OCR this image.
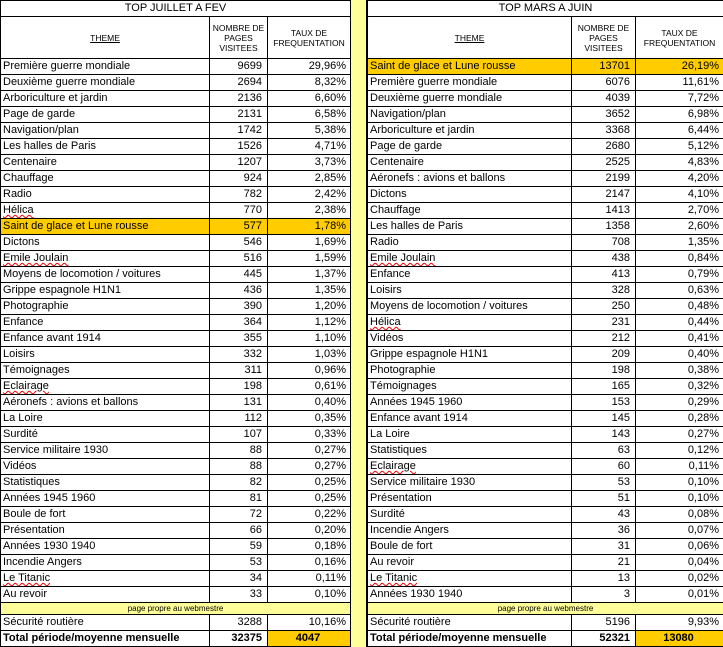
TOP JUILLET A FEV		
THEME	NOMBRE DE PAGES VISITEES	TAUX DE FREQUENTATION
Première guerre mondiale	9699	29,96%
Deuxième guerre mondiale	2694	8,32%
Arboriculture et jardin	2136	6,60%
Page de garde	2131	6,58%
Navigation/plan	1742	5,38%
Les halles de Paris	1526	4,71%
Centenaire	1207	3,73%
Chauffage	924	2,85%
Radio	782	2,42%
Hélica	770	2,38%
Saint de glace et Lune rousse	577	1,78%
Dictons	546	1,69%
Emile Joulain	516	1,59%
Moyens de locomotion / voitures	445	1,37%
Grippe espagnole H1N1	436	1,35%
Photographie	390	1,20%
Enfance	364	1,12%
Enfance avant 1914	355	1,10%
Loisirs	332	1,03%
Témoignages	311	0,96%
Eclairage	198	0,61%
Aéronefs : avions et ballons	131	0,40%
La Loire	112	0,35%
Surdité	107	0,33%
Service militaire 1930	88	0,27%
Vidéos	88	0,27%
Statistiques	82	0,25%
Années 1945 1960	81	0,25%
Boule de fort	72	0,22%
Présentation	66	0,20%
Années 1930 1940	59	0,18%
Incendie Angers	53	0,16%
Le Titanic	34	0,11%
Au revoir	33	0,10%
page propre au webmestre		
Sécurité routière	3288	10,16%
Total période/moyenne mensuelle	32375	4047
TOP MARS A JUIN		
THEME	NOMBRE DE PAGES VISITEES	TAUX DE FREQUENTATION
Saint de glace et Lune rousse	13701	26,19%
Première guerre mondiale	6076	11,61%
Deuxième guerre mondiale	4039	7,72%
Navigation/plan	3652	6,98%
Arboriculture et jardin	3368	6,44%
Page de garde	2680	5,12%
Centenaire	2525	4,83%
Aéronefs : avions et ballons	2199	4,20%
Dictons	2147	4,10%
Chauffage	1413	2,70%
Les halles de Paris	1358	2,60%
Radio	708	1,35%
Emile Joulain	438	0,84%
Enfance	413	0,79%
Loisirs	328	0,63%
Moyens de locomotion / voitures	250	0,48%
Hélica	231	0,44%
Vidéos	212	0,41%
Grippe espagnole H1N1	209	0,40%
Photographie	198	0,38%
Témoignages	165	0,32%
Années 1945 1960	153	0,29%
Enfance avant 1914	145	0,28%
La Loire	143	0,27%
Statistiques	63	0,12%
Eclairage	60	0,11%
Service militaire 1930	53	0,10%
Présentation	51	0,10%
Surdité	43	0,08%
Incendie Angers	36	0,07%
Boule de fort	31	0,06%
Au revoir	21	0,04%
Le Titanic	13	0,02%
Années 1930 1940	3	0,01%
page propre au webmestre		
Sécurité routière	5196	9,93%
Total période/moyenne mensuelle	52321	13080
